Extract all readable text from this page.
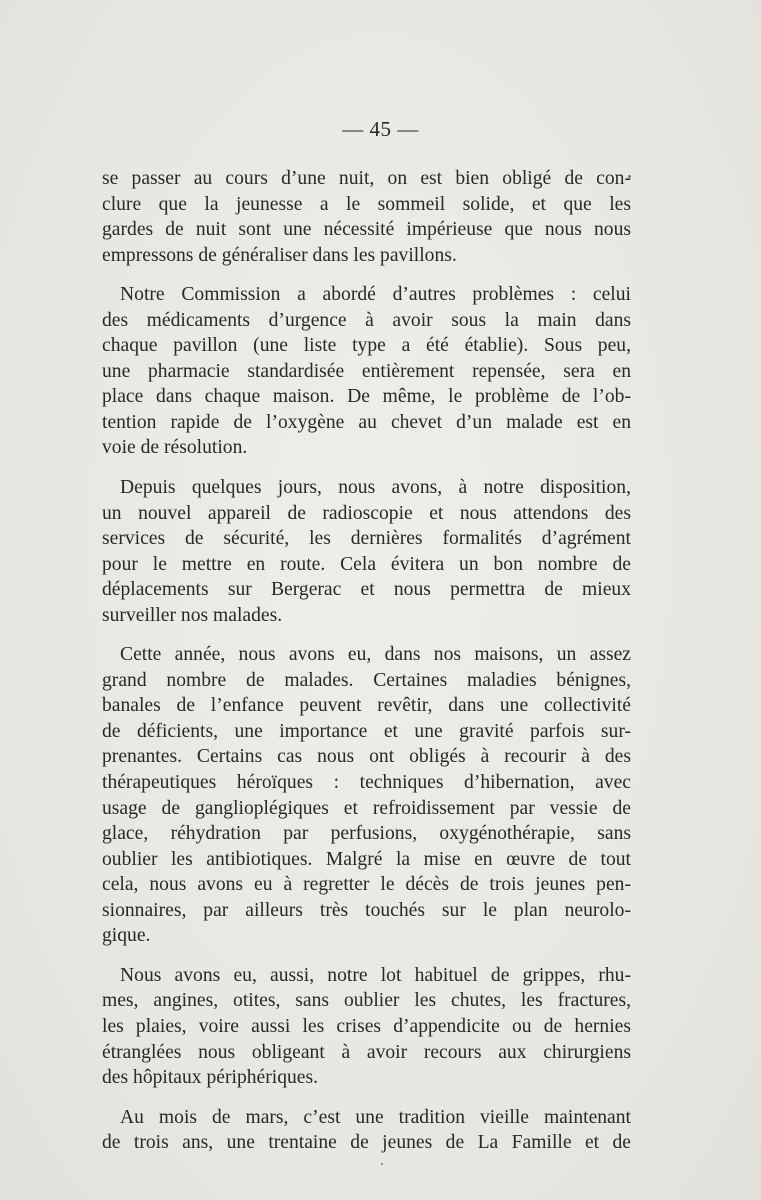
— 45 —

se passer au cours d’une nuit, on est bien obligé de con-
clure que la jeunesse a le sommeil solide, et que les
gardes de nuit sont une nécessité impérieuse que nous nous
empressons de généraliser dans les pavillons.

Notre Commission a abordé d’autres problèmes : celui
des médicaments d’urgence à avoir sous la main dans
chaque pavillon (une liste type a été établie). Sous peu,
une pharmacie standardisée entièrement repensée, sera en
place dans chaque maison. De même, le problème de l’ob-
tention rapide de l’oxygène au chevet d’un malade est en
voie de résolution.

Depuis quelques jours, nous avons, à notre disposition,
un nouvel appareil de radioscopie et nous attendons des
services de sécurité, les dernières formalités d’agrément
pour le mettre en route. Cela évitera un bon nombre de
déplacements sur Bergerac et nous permettra de mieux
surveiller nos malades.

Cette année, nous avons eu, dans nos maisons, un assez
grand nombre de malades. Certaines maladies bénignes,
banales de l’enfance peuvent revêtir, dans une collectivité
de déficients, une importance et une gravité parfois sur-
prenantes. Certains cas nous ont obligés à recourir à des
thérapeutiques héroïques : techniques d’hibernation, avec
usage de ganglioplégiques et refroidissement par vessie de
glace, réhydration par perfusions, oxygénothérapie, sans
oublier les antibiotiques. Malgré la mise en œuvre de tout
cela, nous avons eu à regretter le décès de trois jeunes pen-
sionnaires, par ailleurs très touchés sur le plan neurolo-
gique.

Nous avons eu, aussi, notre lot habituel de grippes, rhu-
mes, angines, otites, sans oublier les chutes, les fractures,
les plaies, voire aussi les crises d’appendicite ou de hernies
étranglées nous obligeant à avoir recours aux chirurgiens
des hôpitaux périphériques.

Au mois de mars, c’est une tradition vieille maintenant
de trois ans, une trentaine de jeunes de La Famille et de
